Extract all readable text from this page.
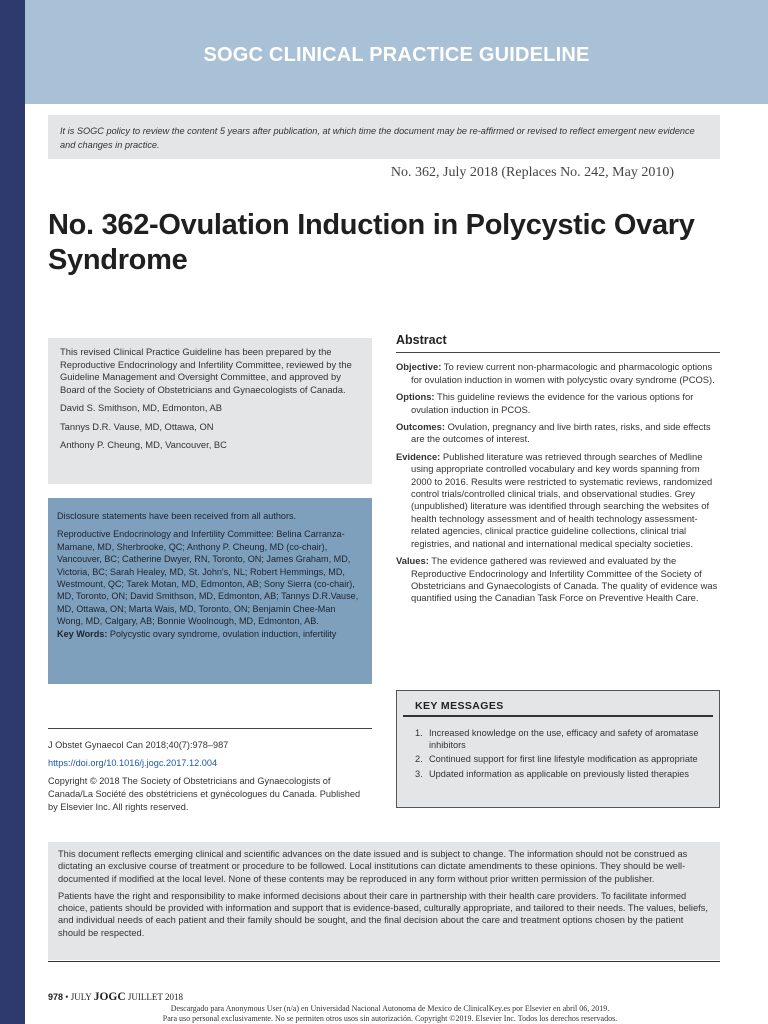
SOGC CLINICAL PRACTICE GUIDELINE
It is SOGC policy to review the content 5 years after publication, at which time the document may be re-affirmed or revised to reflect emergent new evidence and changes in practice.
No. 362, July 2018 (Replaces No. 242, May 2010)
No. 362-Ovulation Induction in Polycystic Ovary Syndrome

This revised Clinical Practice Guideline has been prepared by the Reproductive Endocrinology and Infertility Committee, reviewed by the Guideline Management and Oversight Committee, and approved by Board of the Society of Obstetricians and Gynaecologists of Canada.

David S. Smithson, MD, Edmonton, AB

Tannys D.R. Vause, MD, Ottawa, ON

Anthony P. Cheung, MD, Vancouver, BC

Disclosure statements have been received from all authors.

Reproductive Endocrinology and Infertility Committee: Belina Carranza-Mamane, MD, Sherbrooke, QC; Anthony P. Cheung, MD (co-chair), Vancouver, BC; Catherine Dwyer, RN, Toronto, ON; James Graham, MD, Victoria, BC; Sarah Healey, MD, St. John's, NL; Robert Hemmings, MD, Westmount, QC; Tarek Motan, MD, Edmonton, AB; Sony Sierra (co-chair), MD, Toronto, ON; David Smithson, MD, Edmonton, AB; Tannys D.R.Vause, MD, Ottawa, ON; Marta Wais, MD, Toronto, ON; Benjamin Chee-Man Wong, MD, Calgary, AB; Bonnie Woolnough, MD, Edmonton, AB.

Key Words: Polycystic ovary syndrome, ovulation induction, infertility

J Obstet Gynaecol Can 2018;40(7):978–987

https://doi.org/10.1016/j.jogc.2017.12.004

Copyright © 2018 The Society of Obstetricians and Gynaecologists of Canada/La Société des obstétriciens et gynécologues du Canada. Published by Elsevier Inc. All rights reserved.

Abstract

Objective: To review current non-pharmacologic and pharmacologic options for ovulation induction in women with polycystic ovary syndrome (PCOS).

Options: This guideline reviews the evidence for the various options for ovulation induction in PCOS.

Outcomes: Ovulation, pregnancy and live birth rates, risks, and side effects are the outcomes of interest.

Evidence: Published literature was retrieved through searches of Medline using appropriate controlled vocabulary and key words spanning from 2000 to 2016. Results were restricted to systematic reviews, randomized control trials/controlled clinical trials, and observational studies. Grey (unpublished) literature was identified through searching the websites of health technology assessment and of health technology assessment-related agencies, clinical practice guideline collections, clinical trial registries, and national and international medical specialty societies.

Values: The evidence gathered was reviewed and evaluated by the Reproductive Endocrinology and Infertility Committee of the Society of Obstetricians and Gynaecologists of Canada. The quality of evidence was quantified using the Canadian Task Force on Preventive Health Care.

KEY MESSAGES
1. Increased knowledge on the use, efficacy and safety of aromatase inhibitors
2. Continued support for first line lifestyle modification as appropriate
3. Updated information as applicable on previously listed therapies

This document reflects emerging clinical and scientific advances on the date issued and is subject to change. The information should not be construed as dictating an exclusive course of treatment or procedure to be followed. Local institutions can dictate amendments to these opinions. They should be well-documented if modified at the local level. None of these contents may be reproduced in any form without prior written permission of the publisher.

Patients have the right and responsibility to make informed decisions about their care in partnership with their health care providers. To facilitate informed choice, patients should be provided with information and support that is evidence-based, culturally appropriate, and tailored to their needs. The values, beliefs, and individual needs of each patient and their family should be sought, and the final decision about the care and treatment options chosen by the patient should be respected.

978 • JULY JOGC JUILLET 2018
Descargado para Anonymous User (n/a) en Universidad Nacional Autonoma de Mexico de ClinicalKey.es por Elsevier en abril 06, 2019.
Para uso personal exclusivamente. No se permiten otros usos sin autorización. Copyright ©2019. Elsevier Inc. Todos los derechos reservados.
